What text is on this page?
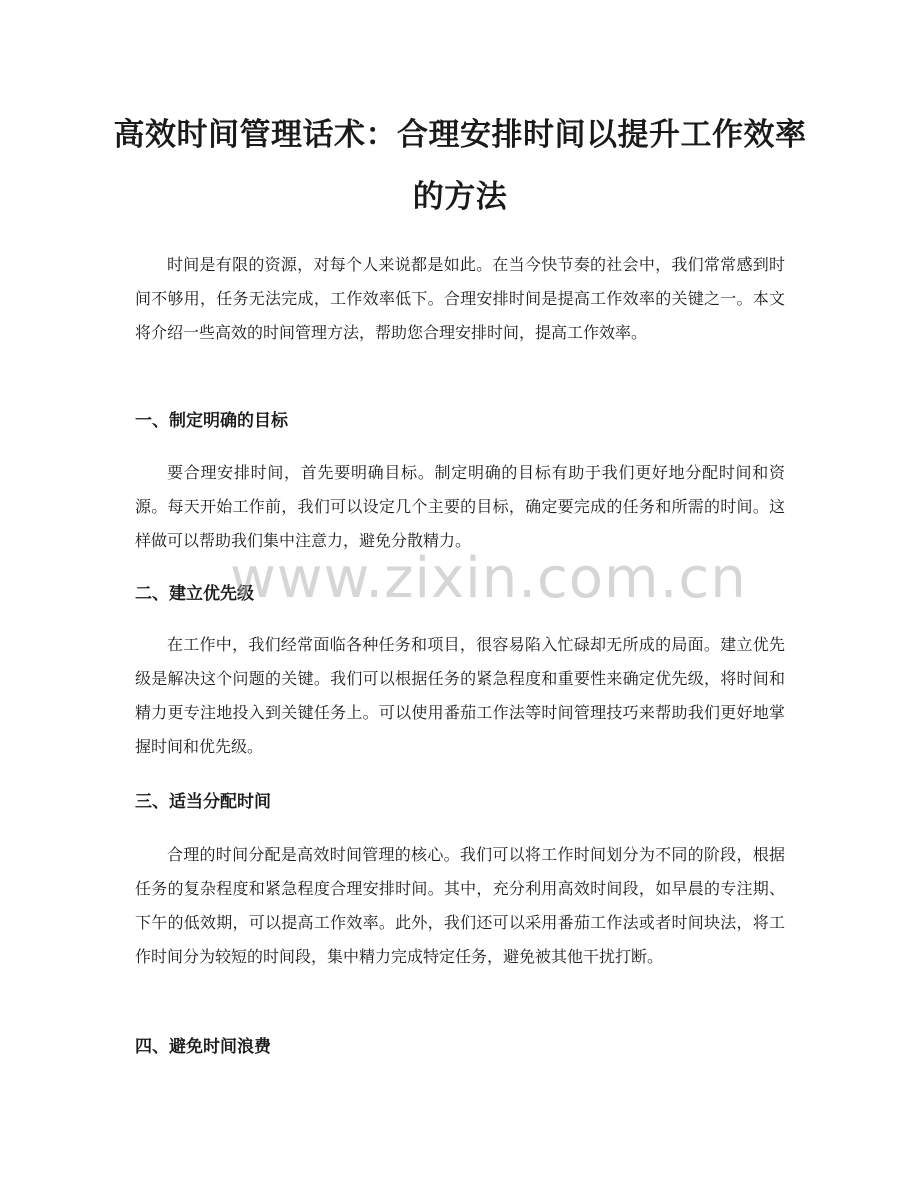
高效时间管理话术：合理安排时间以提升工作效率的方法

时间是有限的资源，对每个人来说都是如此。在当今快节奏的社会中，我们常常感到时间不够用，任务无法完成，工作效率低下。合理安排时间是提高工作效率的关键之一。本文将介绍一些高效的时间管理方法，帮助您合理安排时间，提高工作效率。

一、制定明确的目标

要合理安排时间，首先要明确目标。制定明确的目标有助于我们更好地分配时间和资源。每天开始工作前，我们可以设定几个主要的目标，确定要完成的任务和所需的时间。这样做可以帮助我们集中注意力，避免分散精力。

二、建立优先级

在工作中，我们经常面临各种任务和项目，很容易陷入忙碌却无所成的局面。建立优先级是解决这个问题的关键。我们可以根据任务的紧急程度和重要性来确定优先级，将时间和精力更专注地投入到关键任务上。可以使用番茄工作法等时间管理技巧来帮助我们更好地掌握时间和优先级。

三、适当分配时间

合理的时间分配是高效时间管理的核心。我们可以将工作时间划分为不同的阶段，根据任务的复杂程度和紧急程度合理安排时间。其中，充分利用高效时间段，如早晨的专注期、下午的低效期，可以提高工作效率。此外，我们还可以采用番茄工作法或者时间块法，将工作时间分为较短的时间段，集中精力完成特定任务，避免被其他干扰打断。

四、避免时间浪费
www.zixin.com.cn
